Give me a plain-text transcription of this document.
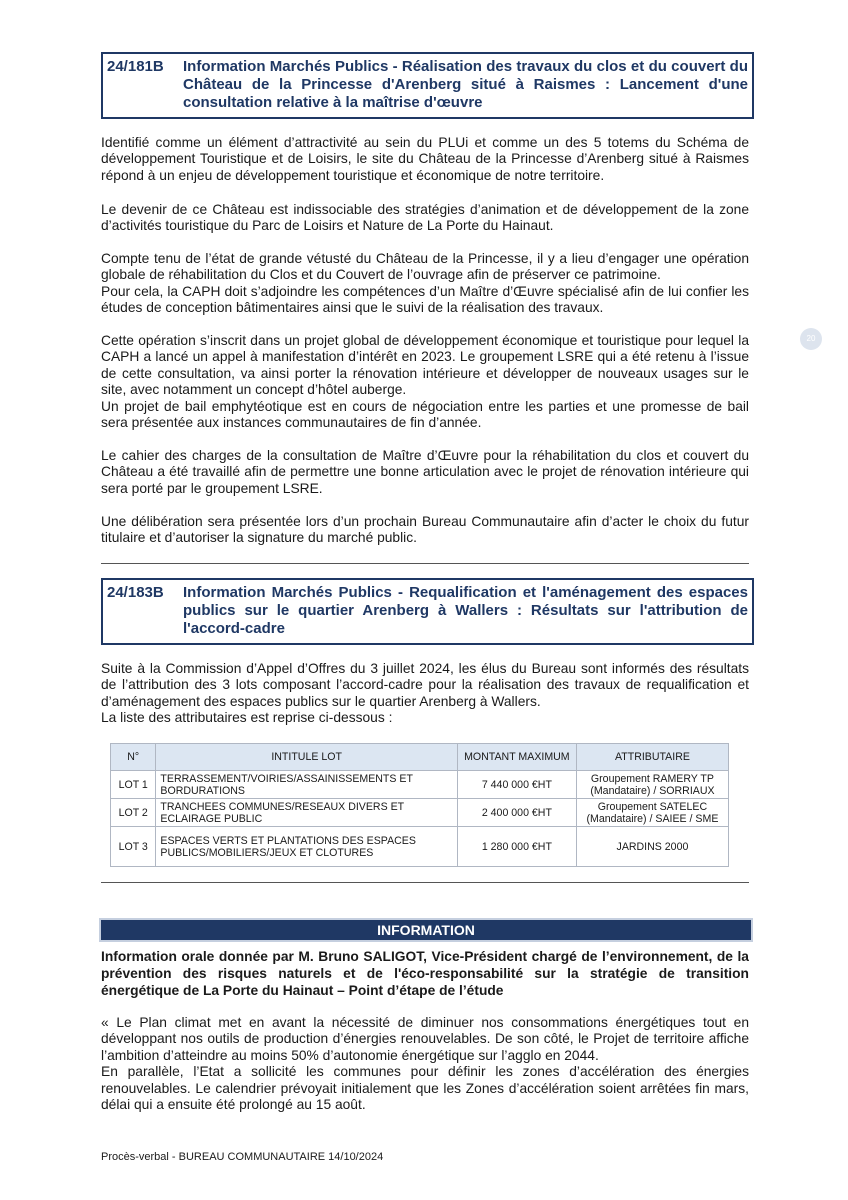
24/181B	Information Marchés Publics - Réalisation des travaux du clos et du couvert du Château de la Princesse d'Arenberg situé à Raismes : Lancement d'une consultation relative à la maîtrise d'œuvre
20

Identifié comme un élément d’attractivité au sein du PLUi et comme un des 5 totems du Schéma de développement Touristique et de Loisirs, le site du Château de la Princesse d’Arenberg situé à Raismes répond à un enjeu de développement touristique et économique de notre territoire.

Le devenir de ce Château est indissociable des stratégies d’animation et de développement de la zone d’activités touristique du Parc de Loisirs et Nature de La Porte du Hainaut.

Compte tenu de l’état de grande vétusté du Château de la Princesse, il y a lieu d’engager une opération globale de réhabilitation du Clos et du Couvert de l’ouvrage afin de préserver ce patrimoine.
Pour cela, la CAPH doit s’adjoindre les compétences d’un Maître d’Œuvre spécialisé afin de lui confier les études de conception bâtimentaires ainsi que le suivi de la réalisation des travaux.

Cette opération s’inscrit dans un projet global de développement économique et touristique pour lequel la CAPH a lancé un appel à manifestation d’intérêt en 2023. Le groupement LSRE qui a été retenu à l’issue de cette consultation, va ainsi porter la rénovation intérieure et développer de nouveaux usages sur le site, avec notamment un concept d’hôtel auberge.
Un projet de bail emphytéotique est en cours de négociation entre les parties et une promesse de bail sera présentée aux instances communautaires de fin d’année.

Le cahier des charges de la consultation de Maître d’Œuvre pour la réhabilitation du clos et couvert du Château a été travaillé afin de permettre une bonne articulation avec le projet de rénovation intérieure qui sera porté par le groupement LSRE.

Une délibération sera présentée lors d’un prochain Bureau Communautaire afin d’acter le choix du futur titulaire et d’autoriser la signature du marché public.

24/183B	Information Marchés Publics - Requalification et l'aménagement des espaces publics sur le quartier Arenberg à Wallers : Résultats sur l'attribution de l'accord-cadre

Suite à la Commission d’Appel d’Offres du 3 juillet 2024, les élus du Bureau sont informés des résultats de l’attribution des 3 lots composant l’accord-cadre pour la réalisation des travaux de requalification et d’aménagement des espaces publics sur le quartier Arenberg à Wallers.
La liste des attributaires est reprise ci-dessous :

N°	INTITULE LOT	MONTANT MAXIMUM	ATTRIBUTAIRE
LOT 1	TERRASSEMENT/VOIRIES/ASSAINISSEMENTS ET BORDURATIONS	7 440 000 €HT	Groupement RAMERY TP (Mandataire) / SORRIAUX
LOT 2	TRANCHEES COMMUNES/RESEAUX DIVERS ET ECLAIRAGE PUBLIC	2 400 000 €HT	Groupement SATELEC (Mandataire) / SAIEE / SME
LOT 3	ESPACES VERTS ET PLANTATIONS DES ESPACES PUBLICS/MOBILIERS/JEUX ET CLOTURES	1 280 000 €HT	JARDINS 2000
INFORMATION

Information orale donnée par M. Bruno SALIGOT, Vice-Président chargé de l’environnement, de la prévention des risques naturels et de l'éco-responsabilité sur la stratégie de transition énergétique de La Porte du Hainaut – Point d’étape de l’étude

« Le Plan climat met en avant la nécessité de diminuer nos consommations énergétiques tout en développant nos outils de production d’énergies renouvelables. De son côté, le Projet de territoire affiche l’ambition d’atteindre au moins 50% d’autonomie énergétique sur l’agglo en 2044.
En parallèle, l’Etat a sollicité les communes pour définir les zones d’accélération des énergies renouvelables. Le calendrier prévoyait initialement que les Zones d’accélération soient arrêtées fin mars, délai qui a ensuite été prolongé au 15 août.

Procès-verbal - BUREAU COMMUNAUTAIRE 14/10/2024
